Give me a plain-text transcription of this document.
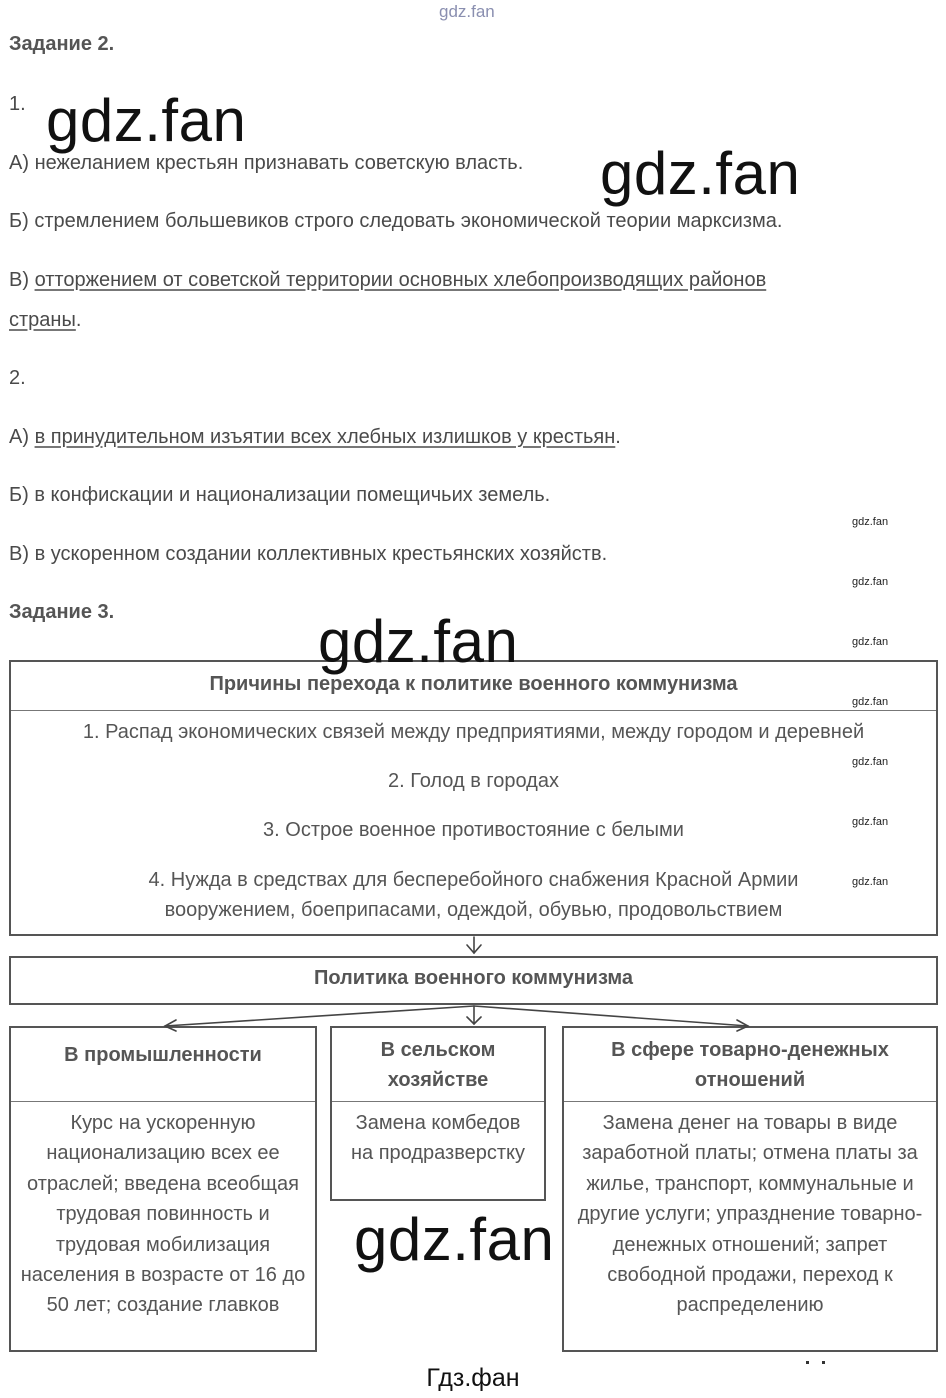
gdz.fan
Задание 2.
1.
А) нежеланием крестьян признавать советскую власть.
Б) стремлением большевиков строго следовать экономической теории марксизма.
В) отторжением от советской территории основных хлебопроизводящих районов
страны.
2.
А) в принудительном изъятии всех хлебных излишков у крестьян.
Б) в конфискации и национализации помещичьих земель.
В) в ускоренном создании коллективных крестьянских хозяйств.
Задание 3.
Причины перехода к политике военного коммунизма
1. Распад экономических связей между предприятиями, между городом и деревней
2. Голод в городах
3. Острое военное противостояние с белыми
4. Нужда в средствах для бесперебойного снабжения Красной Армии
вооружением, боеприпасами, одеждой, обувью, продовольствием
Политика военного коммунизма
В промышленности
Курс на ускоренную национализацию всех ее отраслей; введена всеобщая трудовая повинность и трудовая мобилизация населения в возрасте от 16 до 50 лет; создание главков
В сельском хозяйстве
Замена комбедов на продразверстку
В сфере товарно-денежных отношений
Замена денег на товары в виде заработной платы; отмена платы за жилье, транспорт, коммунальные и другие услуги; упразднение товарно-денежных отношений; запрет свободной продажи, переход к распределению
gdz.fan
gdz.fan
gdz.fan
gdz.fan
gdz.fan
gdz.fan
gdz.fan
gdz.fan
gdz.fan
gdz.fan
gdz.fan
Гдз.фан
